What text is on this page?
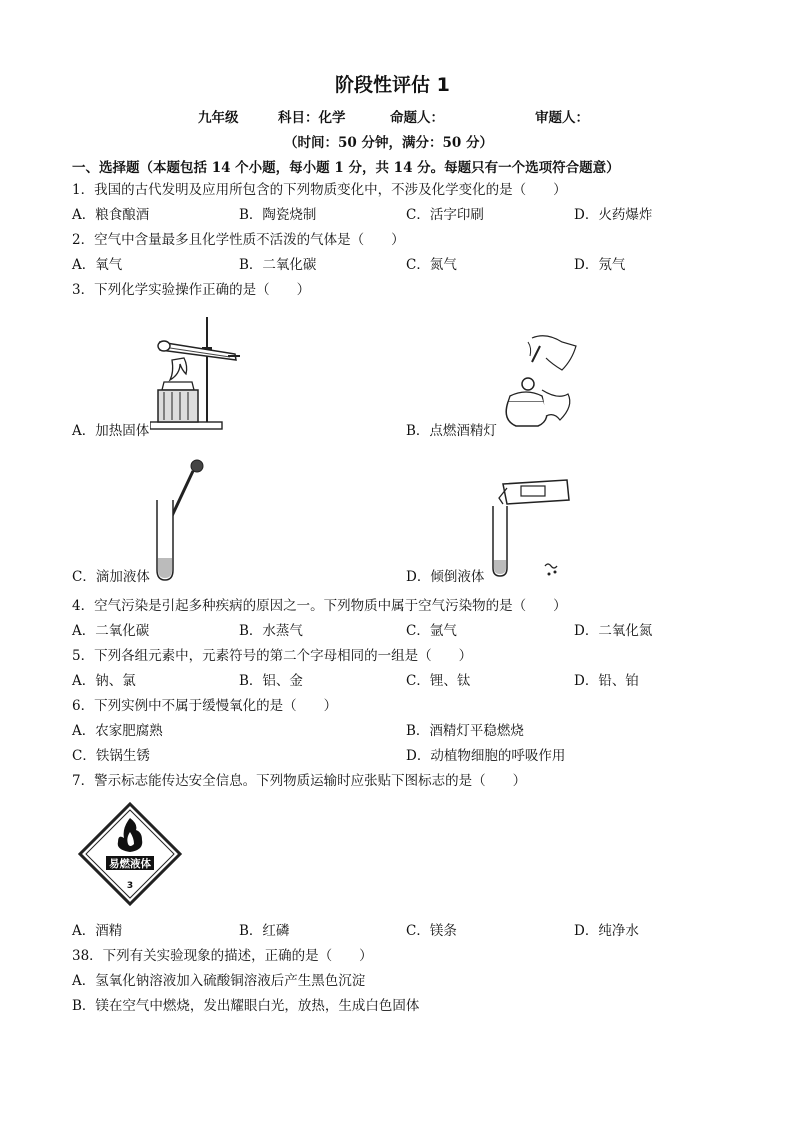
阶段性评估 1
九年级	科目：化学	命题人：	审题人：
（时间：50 分钟，满分：50 分）
一、选择题（本题包括 14 个小题，每小题 1 分，共 14 分。每题只有一个选项符合题意）
1．我国的古代发明及应用所包含的下列物质变化中，不涉及化学变化的是（　　）
A．粮食酿酒	B．陶瓷烧制	C．活字印刷	D．火药爆炸
2．空气中含量最多且化学性质不活泼的气体是（　　）
A．氧气	B．二氧化碳	C．氮气	D．氖气
3．下列化学实验操作正确的是（　　）
A．加热固体	B．点燃酒精灯
C．滴加液体	D．倾倒液体
4．空气污染是引起多种疾病的原因之一。下列物质中属于空气污染物的是（　　）
A．二氧化碳	B．水蒸气	C．氩气	D．二氧化氮
5．下列各组元素中，元素符号的第二个字母相同的一组是（　　）
A．钠、氯	B．铝、金	C．锂、钛	D．铅、铂
6．下列实例中不属于缓慢氧化的是（　　）
A．农家肥腐熟	B．酒精灯平稳燃烧
C．铁锅生锈	D．动植物细胞的呼吸作用
7．警示标志能传达安全信息。下列物质运输时应张贴下图标志的是（　　）
易燃液体
3
A．酒精	B．红磷	C．镁条	D．纯净水
38．下列有关实验现象的描述，正确的是（　　）
A．氢氧化钠溶液加入硫酸铜溶液后产生黑色沉淀
B．镁在空气中燃烧，发出耀眼白光，放热，生成白色固体
